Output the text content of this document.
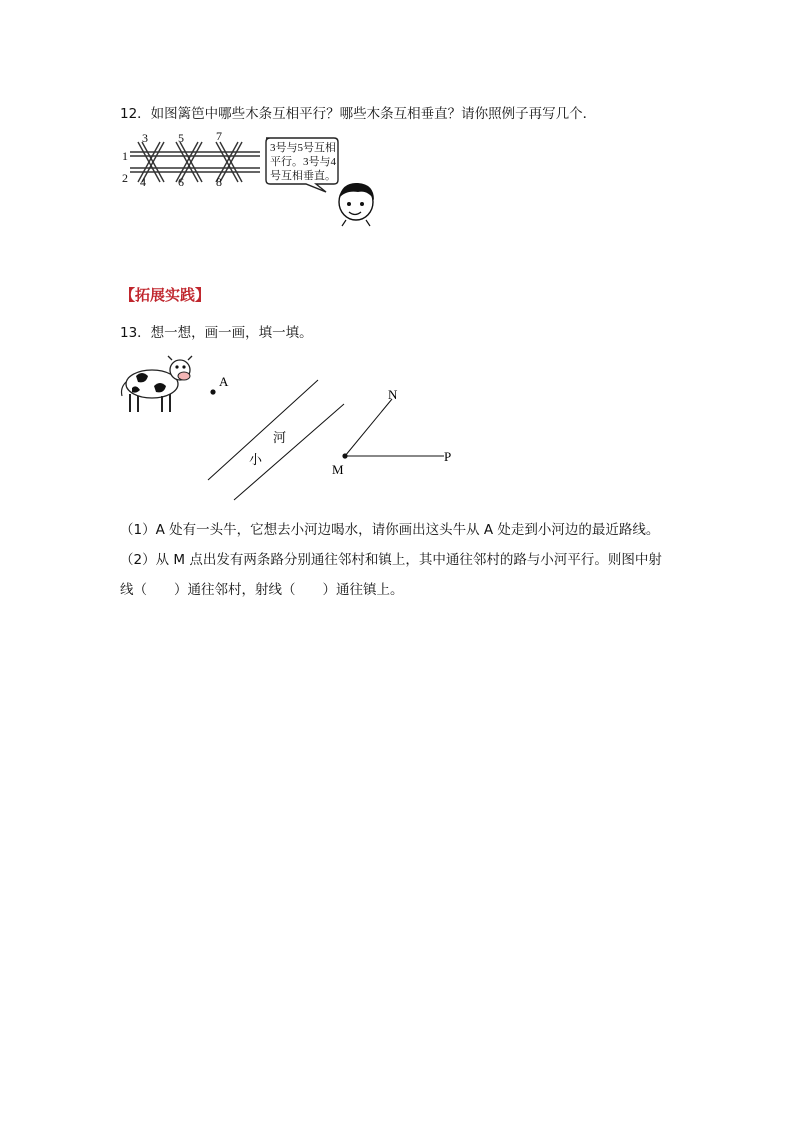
12．如图篱笆中哪些木条互相平行？哪些木条互相垂直？请你照例子再写几个．
1
2
3
4
5
6
7
8
3号与5号互相
平行。3号与4
号互相垂直。
【拓展实践】
13．想一想，画一画，填一填。
A
河
小
M
N
P
（1）A 处有一头牛，它想去小河边喝水，请你画出这头牛从 A 处走到小河边的最近路线。
（2）从 M 点出发有两条路分别通往邻村和镇上，其中通往邻村的路与小河平行。则图中射
线（　　）通往邻村，射线（　　）通往镇上。
